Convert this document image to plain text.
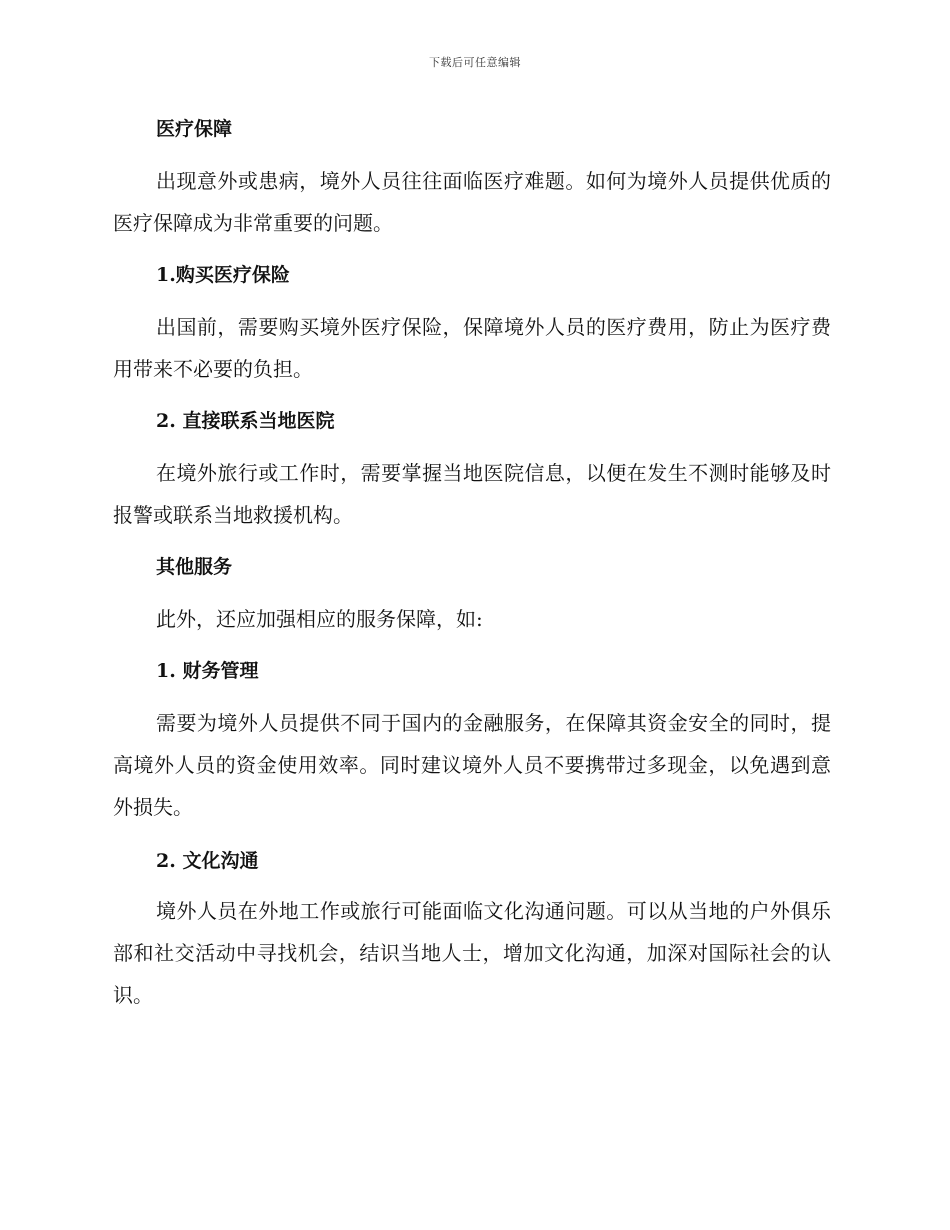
下载后可任意编辑

医疗保障

出现意外或患病，境外人员往往面临医疗难题。如何为境外人员提供优质的医疗保障成为非常重要的问题。

1.购买医疗保险

出国前，需要购买境外医疗保险，保障境外人员的医疗费用，防止为医疗费用带来不必要的负担。

2. 直接联系当地医院

在境外旅行或工作时，需要掌握当地医院信息，以便在发生不测时能够及时报警或联系当地救援机构。

其他服务

此外，还应加强相应的服务保障，如:

1. 财务管理

需要为境外人员提供不同于国内的金融服务，在保障其资金安全的同时，提高境外人员的资金使用效率。同时建议境外人员不要携带过多现金，以免遇到意外损失。

2. 文化沟通

境外人员在外地工作或旅行可能面临文化沟通问题。可以从当地的户外俱乐部和社交活动中寻找机会，结识当地人士，增加文化沟通，加深对国际社会的认识。
